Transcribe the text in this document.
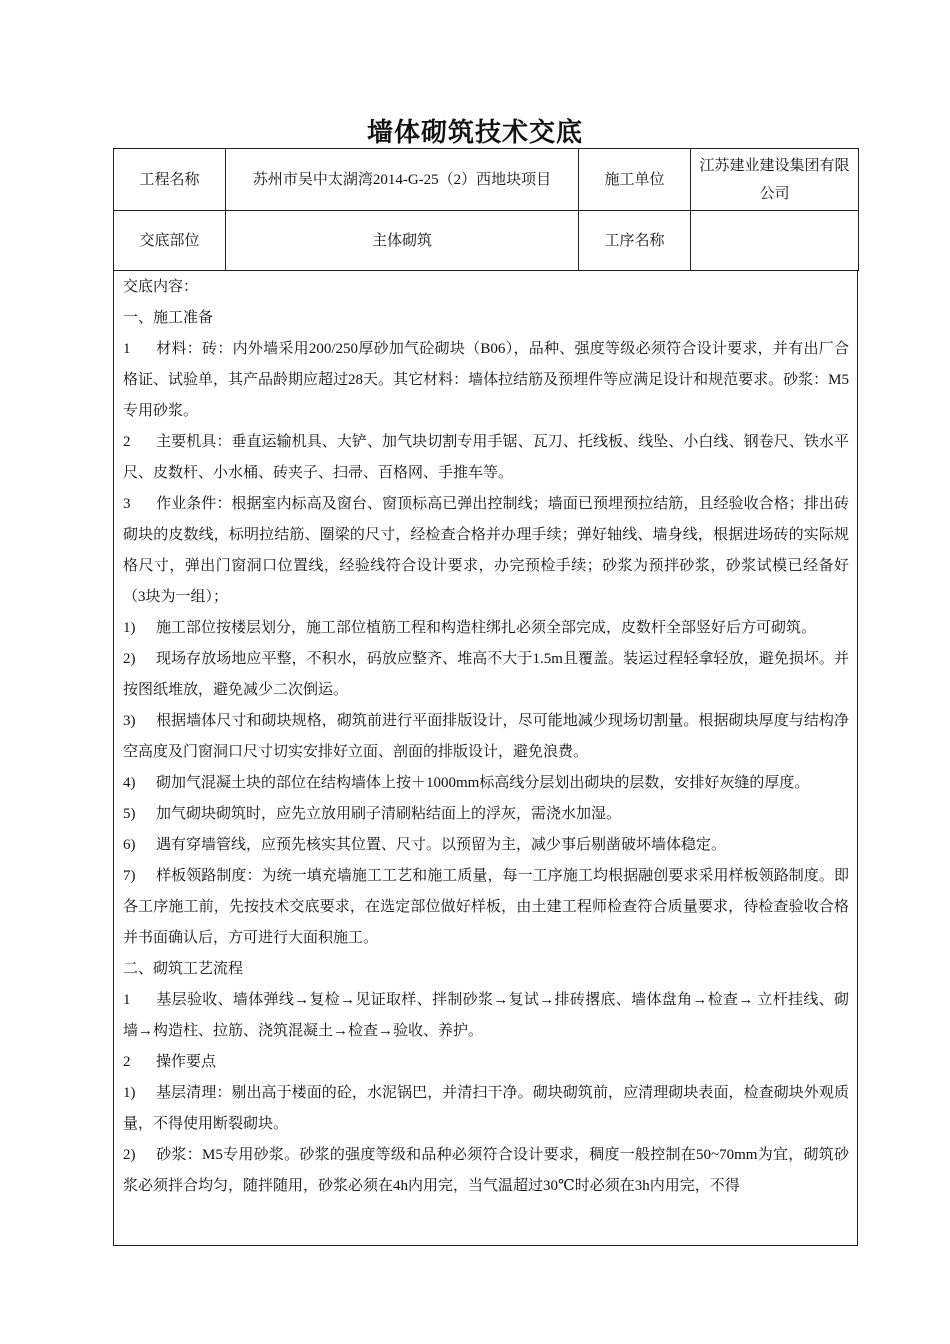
墙体砌筑技术交底
工程名称	苏州市吴中太湖湾2014-G-25（2）西地块项目	施工单位	江苏建业建设集团有限公司
交底部位	主体砌筑	工序名称	

交底内容：

一、施工准备

1 材料：砖：内外墙采用200/250厚砂加气砼砌块（B06），品种、强度等级必须符合设计要求，并有出厂合格证、试验单，其产品龄期应超过28天。其它材料：墙体拉结筋及预埋件等应满足设计和规范要求。砂浆：M5专用砂浆。

2 主要机具：垂直运输机具、大铲、加气块切割专用手锯、瓦刀、托线板、线坠、小白线、钢卷尺、铁水平尺、皮数杆、小水桶、砖夹子、扫帚、百格网、手推车等。

3 作业条件：根据室内标高及窗台、窗顶标高已弹出控制线；墙面已预埋预拉结筋，且经验收合格；排出砖砌块的皮数线，标明拉结筋、圈梁的尺寸，经检查合格并办理手续；弹好轴线、墙身线，根据进场砖的实际规格尺寸，弹出门窗洞口位置线，经验线符合设计要求，办完预检手续；砂浆为预拌砂浆，砂浆试模已经备好（3块为一组）；

1) 施工部位按楼层划分，施工部位植筋工程和构造柱绑扎必须全部完成，皮数杆全部竖好后方可砌筑。

2) 现场存放场地应平整，不积水，码放应整齐、堆高不大于1.5m且覆盖。装运过程轻拿轻放，避免损坏。并按图纸堆放，避免减少二次倒运。

3) 根据墙体尺寸和砌块规格，砌筑前进行平面排版设计，尽可能地减少现场切割量。根据砌块厚度与结构净空高度及门窗洞口尺寸切实安排好立面、剖面的排版设计，避免浪费。

4) 砌加气混凝土块的部位在结构墙体上按＋1000mm标高线分层划出砌块的层数，安排好灰缝的厚度。

5) 加气砌块砌筑时，应先立放用刷子清刷粘结面上的浮灰，需浇水加湿。

6) 遇有穿墙管线，应预先核实其位置、尺寸。以预留为主，减少事后剔凿破坏墙体稳定。

7) 样板领路制度：为统一填充墙施工工艺和施工质量，每一工序施工均根据融创要求采用样板领路制度。即各工序施工前，先按技术交底要求，在选定部位做好样板，由土建工程师检查符合质量要求，待检查验收合格并书面确认后，方可进行大面积施工。

二、砌筑工艺流程

1 基层验收、墙体弹线→复检→见证取样、拌制砂浆→复试→排砖撂底、墙体盘角→检查→ 立杆挂线、砌墙→构造柱、拉筋、浇筑混凝土→检查→验收、养护。

2 操作要点

1) 基层清理：剔出高于楼面的砼，水泥锅巴，并清扫干净。砌块砌筑前，应清理砌块表面，检查砌块外观质量，不得使用断裂砌块。

2) 砂浆：M5专用砂浆。砂浆的强度等级和品种必须符合设计要求，稠度一般控制在50~70mm为宜，砌筑砂浆必须拌合均匀，随拌随用，砂浆必须在4h内用完，当气温超过30℃时必须在3h内用完，不得
